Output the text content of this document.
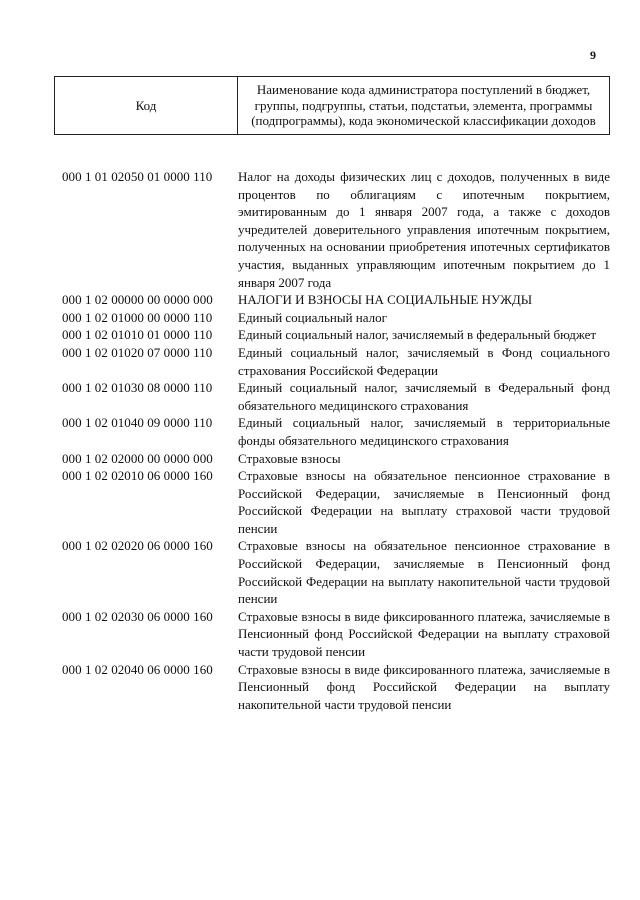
9
Код	Наименование кода администратора поступлений в бюджет, группы, подгруппы, статьи, подстатьи, элемента, программы (подпрограммы), кода экономической классификации доходов
000 1 01 02050 01 0000 110	Налог на доходы физических лиц с доходов, полученных в виде процентов по облигациям с ипотечным покрытием, эмитированным до 1 января 2007 года, а также с доходов учредителей доверительного управления ипотечным покрытием, полученных на основании приобретения ипотечных сертификатов участия, выданных управляющим ипотечным покрытием до 1 января 2007 года
000 1 02 00000 00 0000 000	НАЛОГИ И ВЗНОСЫ НА СОЦИАЛЬНЫЕ НУЖДЫ
000 1 02 01000 00 0000 110	Единый социальный налог
000 1 02 01010 01 0000 110	Единый социальный налог, зачисляемый в федеральный бюджет
000 1 02 01020 07 0000 110	Единый социальный налог, зачисляемый в Фонд социального страхования Российской Федерации
000 1 02 01030 08 0000 110	Единый социальный налог, зачисляемый в Федеральный фонд обязательного медицинского страхования
000 1 02 01040 09 0000 110	Единый социальный налог, зачисляемый в территориальные фонды обязательного медицинского страхования
000 1 02 02000 00 0000 000	Страховые взносы
000 1 02 02010 06 0000 160	Страховые взносы на обязательное пенсионное страхование в Российской Федерации, зачисляемые в Пенсионный фонд Российской Федерации на выплату страховой части трудовой пенсии
000 1 02 02020 06 0000 160	Страховые взносы на обязательное пенсионное страхование в Российской Федерации, зачисляемые в Пенсионный фонд Российской Федерации на выплату накопительной части трудовой пенсии
000 1 02 02030 06 0000 160	Страховые взносы в виде фиксированного платежа, зачисляемые в Пенсионный фонд Российской Федерации на выплату страховой части трудовой пенсии
000 1 02 02040 06 0000 160	Страховые взносы в виде фиксированного платежа, зачисляемые в Пенсионный фонд Российской Федерации на выплату накопительной части трудовой пенсии
